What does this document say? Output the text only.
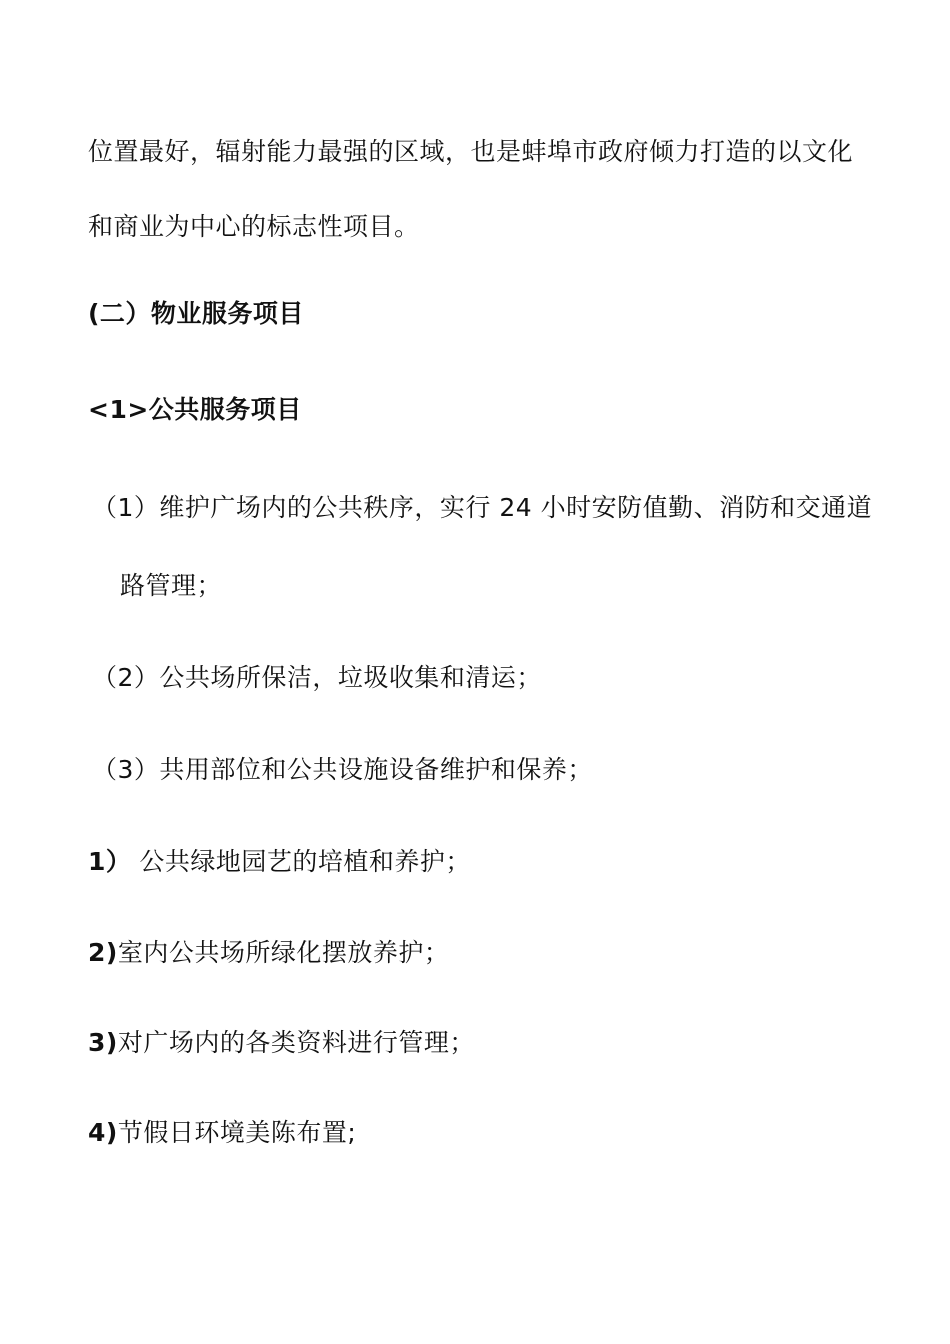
位置最好，辐射能力最强的区域，也是蚌埠市政府倾力打造的以文化
和商业为中心的标志性项目。
(二）物业服务项目
<1>公共服务项目
（1）维护广场内的公共秩序，实行 24 小时安防值勤、消防和交通道
路管理；
（2）公共场所保洁，垃圾收集和清运；
（3）共用部位和公共设施设备维护和保养；
1） 公共绿地园艺的培植和养护；
2)室内公共场所绿化摆放养护；
3)对广场内的各类资料进行管理；
4)节假日环境美陈布置;
